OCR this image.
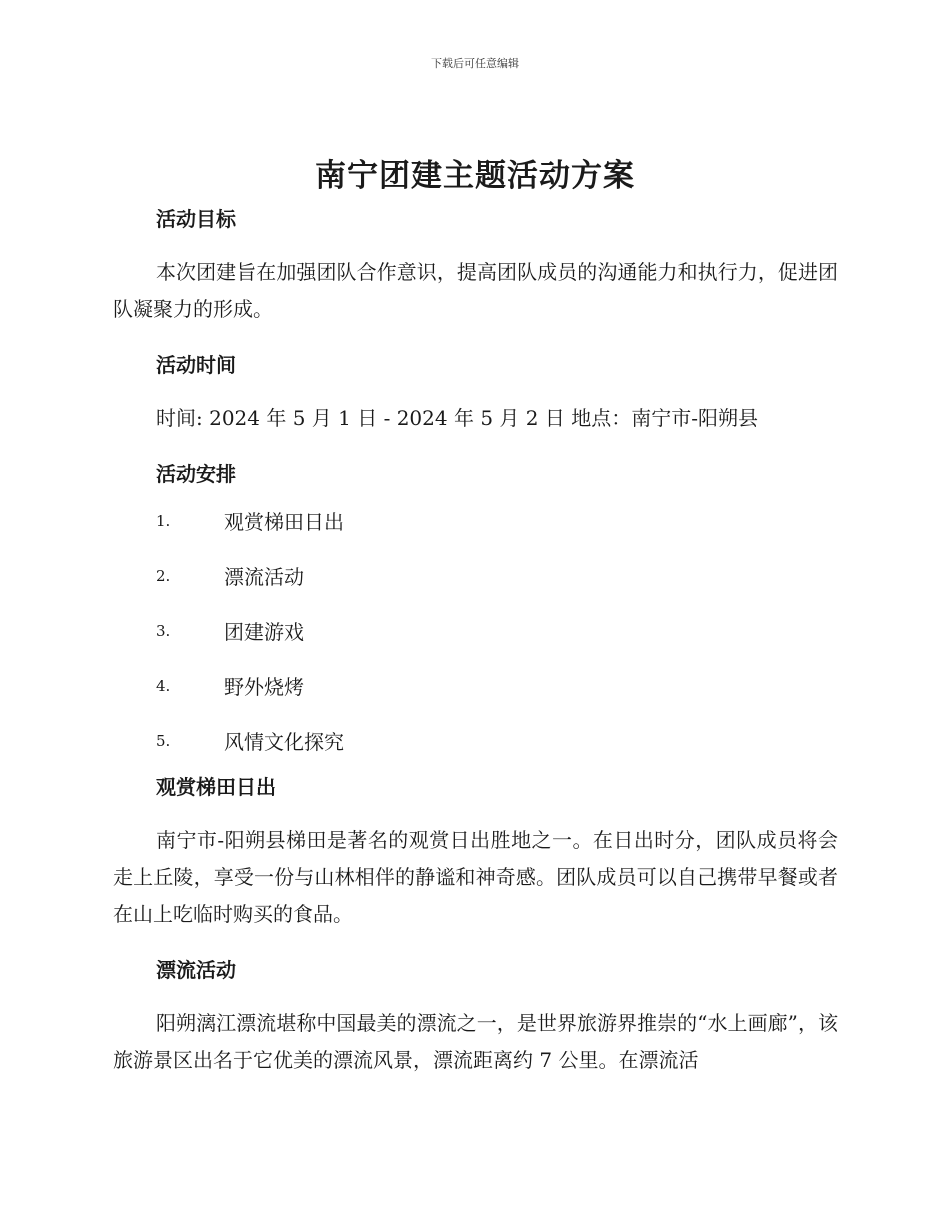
下载后可任意编辑
南宁团建主题活动方案
活动目标

本次团建旨在加强团队合作意识，提高团队成员的沟通能力和执行力，促进团队凝聚力的形成。

活动时间

时间: 2024 年 5 月 1 日 - 2024 年 5 月 2 日 地点：南宁市-阳朔县

活动安排
1.	观赏梯田日出
2.	漂流活动
3.	团建游戏
4.	野外烧烤
5.	风情文化探究
观赏梯田日出

南宁市-阳朔县梯田是著名的观赏日出胜地之一。在日出时分，团队成员将会走上丘陵，享受一份与山林相伴的静谧和神奇感。团队成员可以自己携带早餐或者在山上吃临时购买的食品。

漂流活动

阳朔漓江漂流堪称中国最美的漂流之一，是世界旅游界推崇的“水上画廊”，该旅游景区出名于它优美的漂流风景，漂流距离约 7 公里。在漂流活
